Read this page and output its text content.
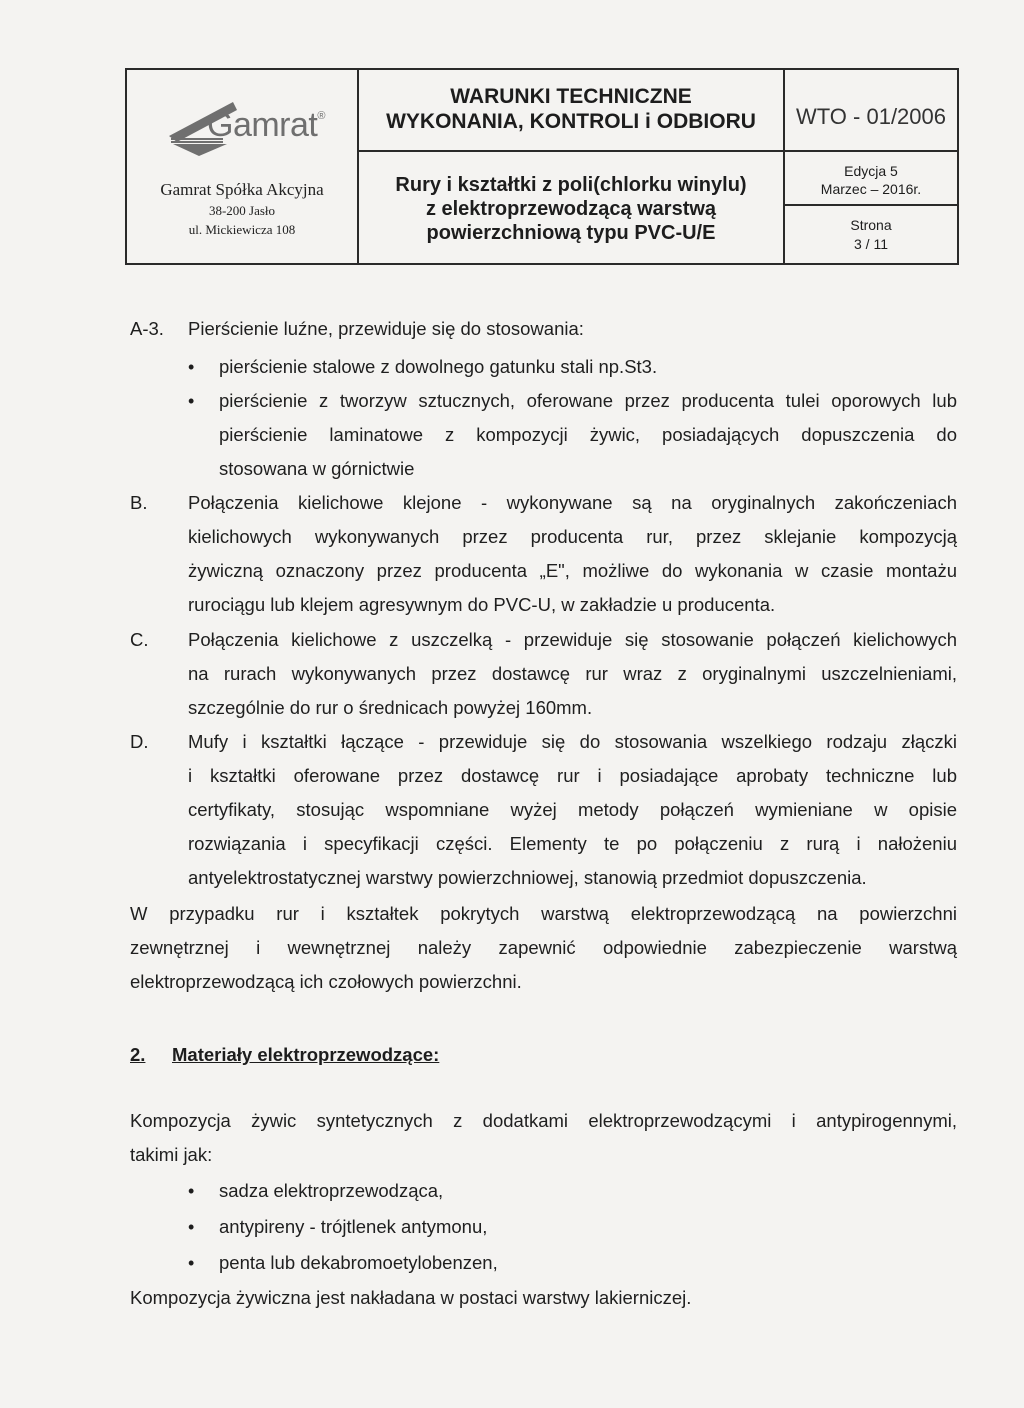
Gamrat®
Gamrat Spółka Akcyjna
38-200 Jasło
ul. Mickiewicza 108
WARUNKI TECHNICZNE
WYKONANIA, KONTROLI i ODBIORU
Rury i kształtki z poli(chlorku winylu)
z elektroprzewodzącą warstwą
powierzchniową typu PVC-U/E
WTO - 01/2006
Edycja 5
Marzec – 2016r.
Strona
3 / 11
A-3. Pierścienie luźne, przewiduje się do stosowania:
• pierścienie stalowe z dowolnego gatunku stali np.St3.
• pierścienie z tworzyw sztucznych, oferowane przez producenta tulei oporowych lub
pierścienie laminatowe z kompozycji żywic, posiadających dopuszczenia do
stosowana w górnictwie
B. Połączenia kielichowe klejone - wykonywane są na oryginalnych zakończeniach
kielichowych wykonywanych przez producenta rur, przez sklejanie kompozycją
żywiczną oznaczony przez producenta „E", możliwe do wykonania w czasie montażu
rurociągu lub klejem agresywnym do PVC-U, w zakładzie u producenta.
C. Połączenia kielichowe z uszczelką - przewiduje się stosowanie połączeń kielichowych
na rurach wykonywanych przez dostawcę rur wraz z oryginalnymi uszczelnieniami,
szczególnie do rur o średnicach powyżej 160mm.
D. Mufy i kształtki łączące - przewiduje się do stosowania wszelkiego rodzaju złączki
i kształtki oferowane przez dostawcę rur i posiadające aprobaty techniczne lub
certyfikaty, stosując wspomniane wyżej metody połączeń wymieniane w opisie
rozwiązania i specyfikacji części. Elementy te po połączeniu z rurą i nałożeniu
antyelektrostatycznej warstwy powierzchniowej, stanowią przedmiot dopuszczenia.
W przypadku rur i kształtek pokrytych warstwą elektroprzewodzącą na powierzchni
zewnętrznej i wewnętrznej należy zapewnić odpowiednie zabezpieczenie warstwą
elektroprzewodzącą ich czołowych powierzchni.
2. Materiały elektroprzewodzące:
Kompozycja żywic syntetycznych z dodatkami elektroprzewodzącymi i antypirogennymi,
takimi jak:
• sadza elektroprzewodząca,
• antypireny - trójtlenek antymonu,
• penta lub dekabromoetylobenzen,
Kompozycja żywiczna jest nakładana w postaci warstwy lakierniczej.
